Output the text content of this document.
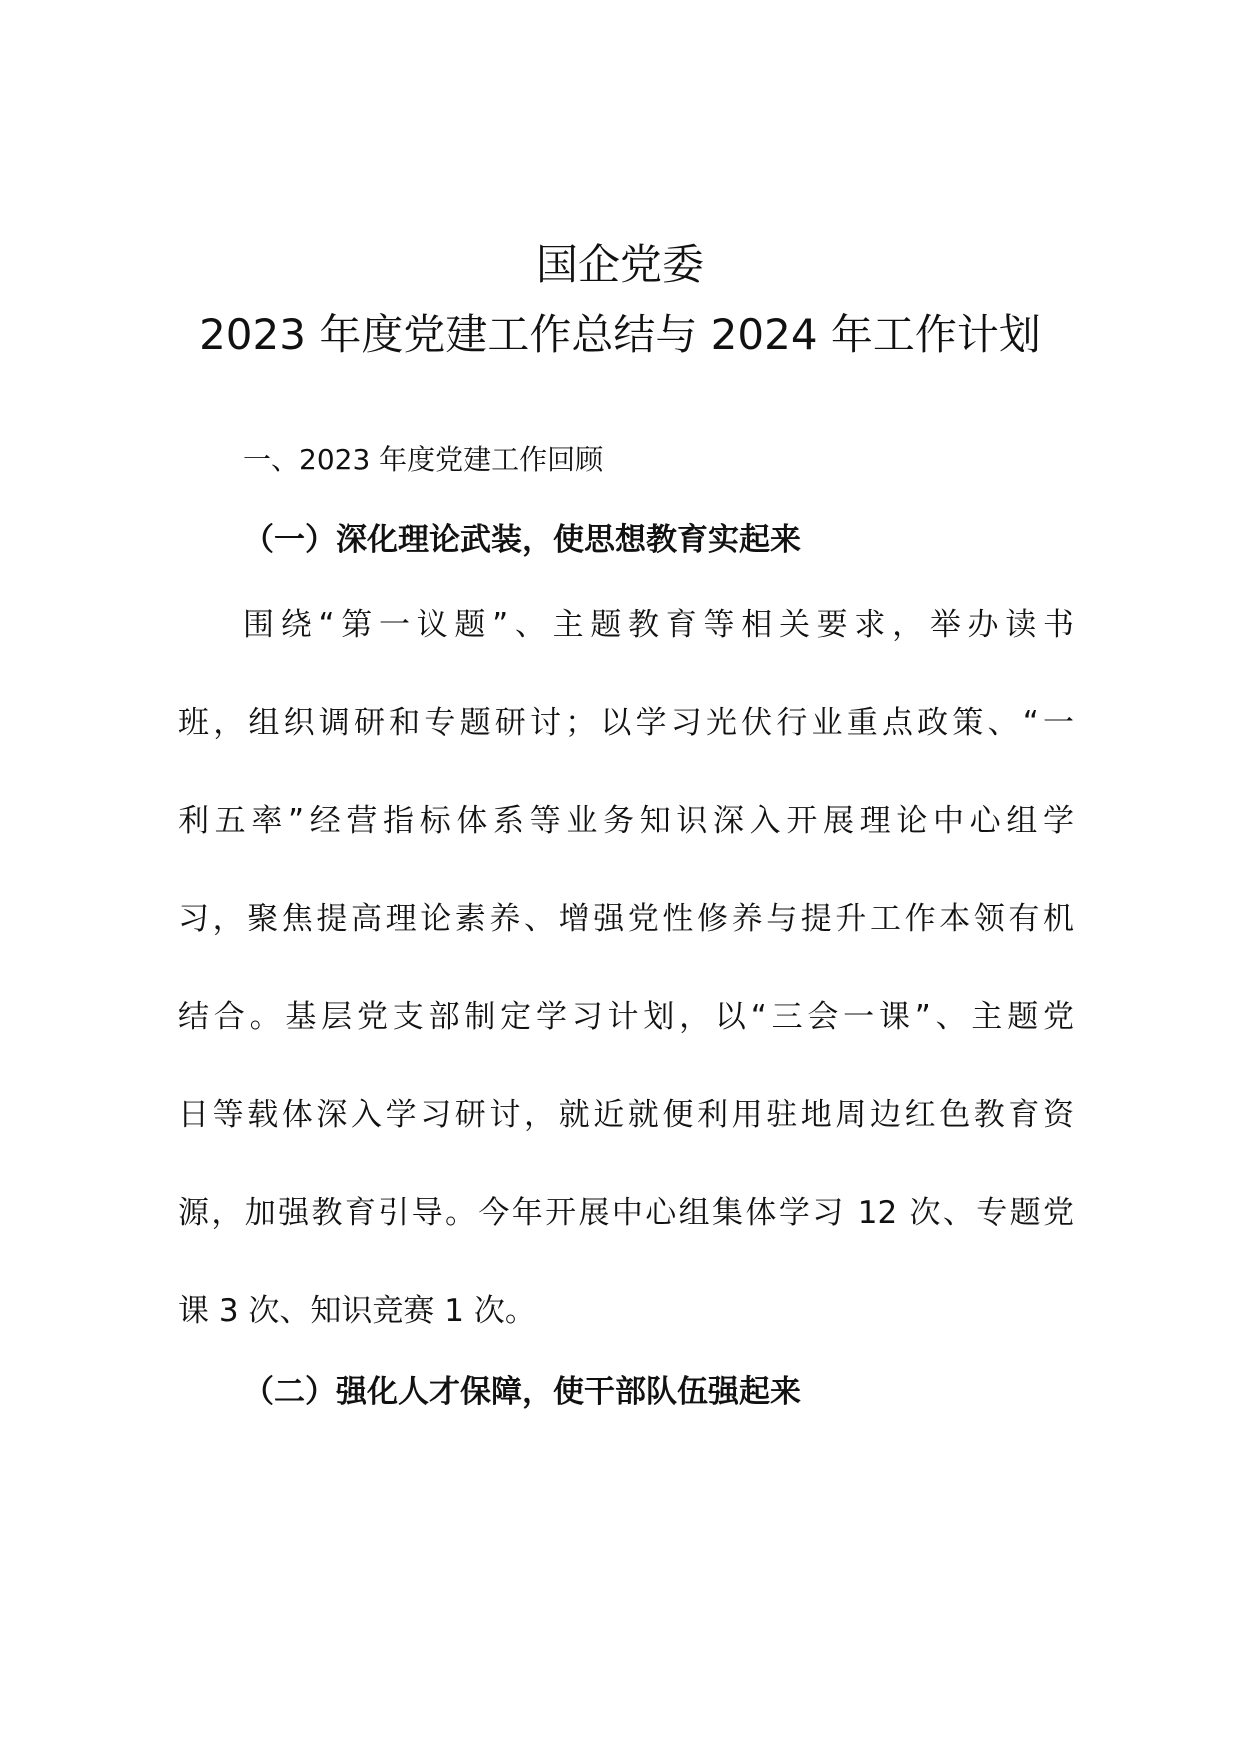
国企党委
2023 年度党建工作总结与 2024 年工作计划
一、2023 年度党建工作回顾
（一）深化理论武装，使思想教育实起来
围绕“第一议题”、主题教育等相关要求，举办读书
班，组织调研和专题研讨；以学习光伏行业重点政策、“一
利五率”经营指标体系等业务知识深入开展理论中心组学
习，聚焦提高理论素养、增强党性修养与提升工作本领有机
结合。基层党支部制定学习计划，以“三会一课”、主题党
日等载体深入学习研讨，就近就便利用驻地周边红色教育资
源，加强教育引导。今年开展中心组集体学习 12 次、专题党
课 3 次、知识竞赛 1 次。
（二）强化人才保障，使干部队伍强起来
